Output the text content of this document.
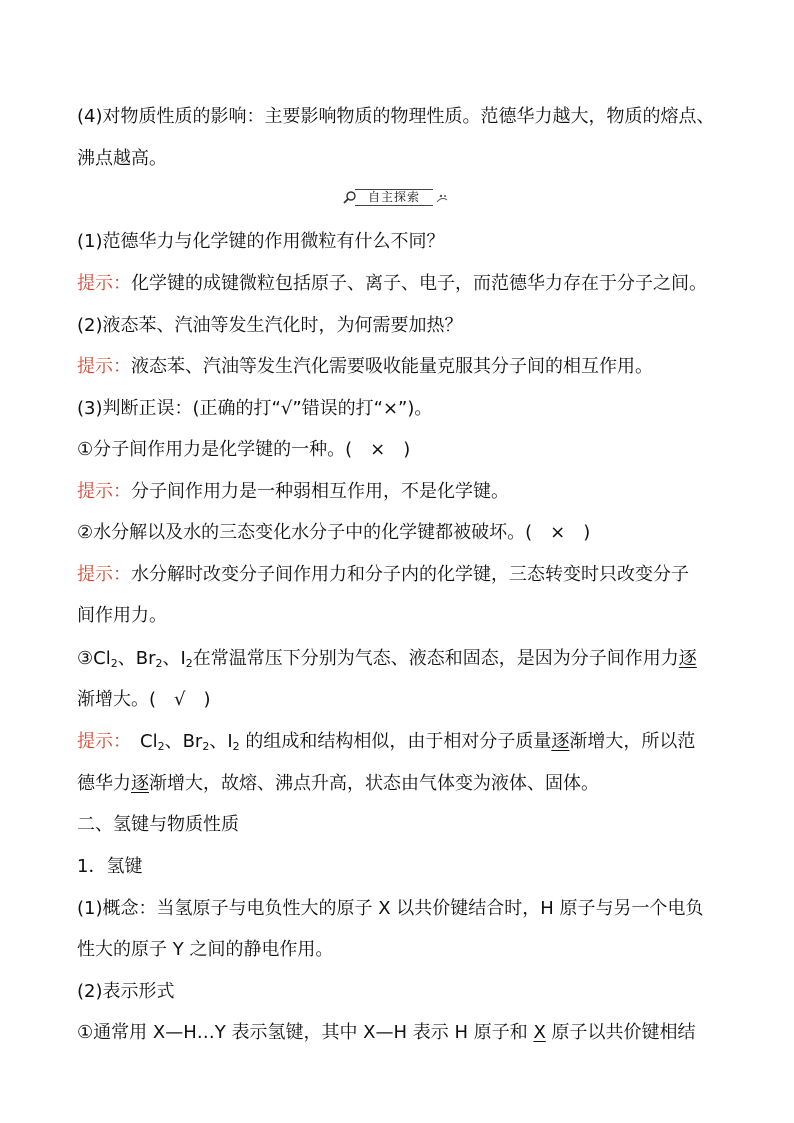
(4)对物质性质的影响：主要影响物质的物理性质。范德华力越大，物质的熔点、
沸点越高。
自主探索
(1)范德华力与化学键的作用微粒有什么不同？
提示：化学键的成键微粒包括原子、离子、电子，而范德华力存在于分子之间。
(2)液态苯、汽油等发生汽化时，为何需要加热？
提示：液态苯、汽油等发生汽化需要吸收能量克服其分子间的相互作用。
(3)判断正误：(正确的打“√”错误的打“×”)。
①分子间作用力是化学键的一种。(　×　)
提示：分子间作用力是一种弱相互作用，不是化学键。
②水分解以及水的三态变化水分子中的化学键都被破坏。(　×　)
提示：水分解时改变分子间作用力和分子内的化学键，三态转变时只改变分子
间作用力。
$③Cl_2$、$Br_2$、$I_2$在常温常压下分别为气态、液态和固态，是因为分子间作用力逐
渐增大。(　√　)
提示：　$Cl_2$、$Br_2$、$I_2$ 的组成和结构相似，由于相对分子质量逐渐增大，所以范
德华力逐渐增大，故熔、沸点升高，状态由气体变为液体、固体。
二、氢键与物质性质
1．氢键
(1)概念：当氢原子与电负性大的原子 X 以共价键结合时，H 原子与另一个电负
性大的原子 Y 之间的静电作用。
(2)表示形式
①通常用 X—H…Y 表示氢键，其中 X—H 表示 H 原子和 X 原子以共价键相结
